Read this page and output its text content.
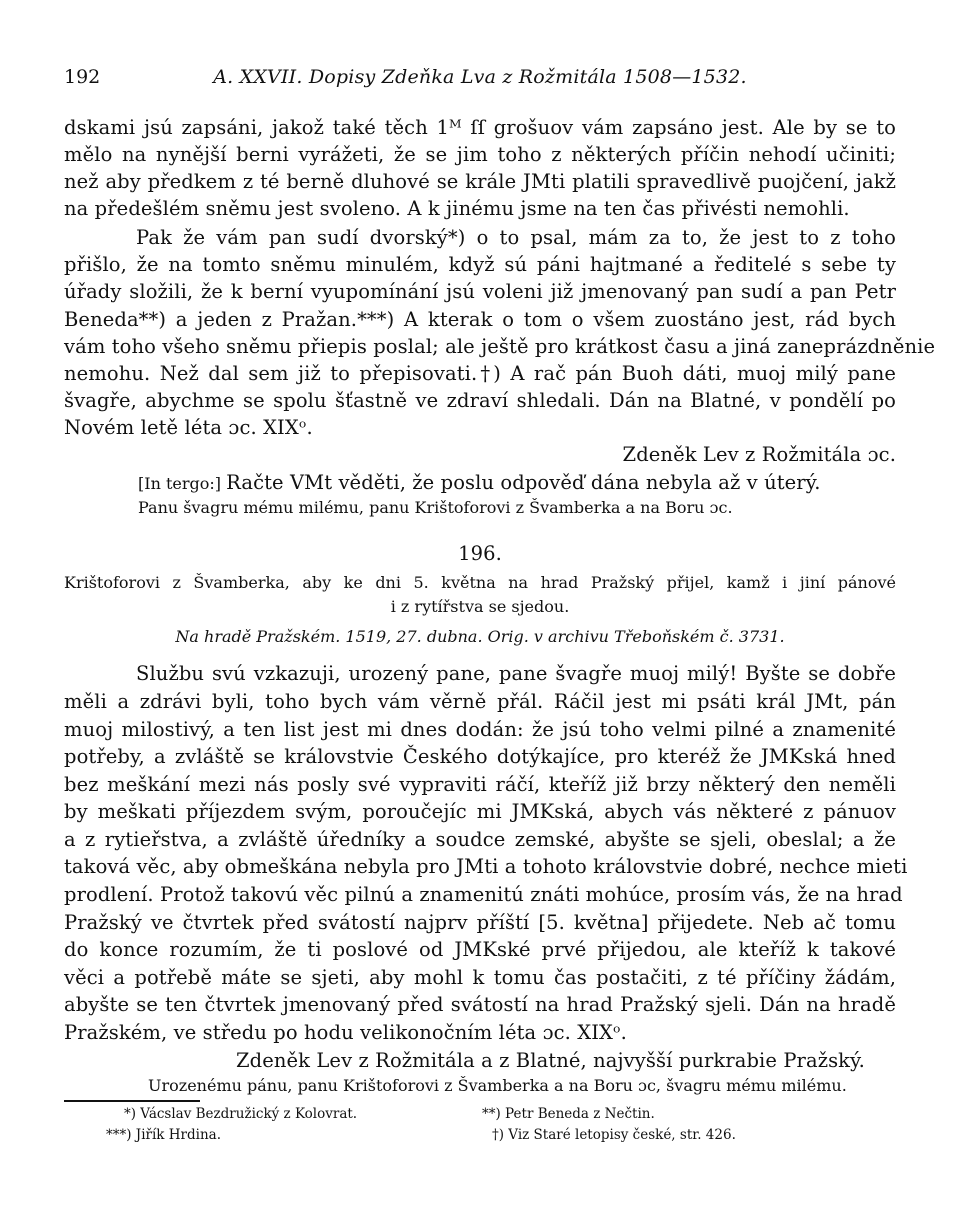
192	A. XXVII. Dopisy Zdeňka Lva z Rožmitála 1508—1532.
dskami jsú zapsáni, jakož také těch 1ᴹ ſſ grošuov vám zapsáno jest. Ale by se to
mělo na nynější berni vyrážeti, že se jim toho z některých příčin nehodí učiniti;
než aby předkem z té berně dluhové se krále JMti platili spravedlivě puojčení, jakž
na předešlém sněmu jest svoleno. A k jinému jsme na ten čas přivésti nemohli.
Pak že vám pan sudí dvorský*) o to psal, mám za to, že jest to z toho
přišlo, že na tomto sněmu minulém, když sú páni hajtmané a ředitelé s sebe ty
úřady složili, že k berní vyupomínání jsú voleni již jmenovaný pan sudí a pan Petr
Beneda**) a jeden z Pražan.***) A kterak o tom o všem zuostáno jest, rád bych
vám toho všeho sněmu přiepis poslal; ale ještě pro krátkost času a jiná zaneprázdněnie
nemohu. Než dal sem již to přepisovati.†) A rač pán Buoh dáti, muoj milý pane
švagře, abychme se spolu šťastně ve zdraví shledali. Dán na Blatné, v pondělí po
Novém letě léta ɔc. XIXᵒ.
Zdeněk Lev z Rožmitála ɔc.
[In tergo:] Račte VMt věděti, že poslu odpověď dána nebyla až v úterý.
Panu švagru mému milému, panu Krištoforovi z Švamberka a na Boru ɔc.
196.
Krištoforovi z Švamberka, aby ke dni 5. května na hrad Pražský přijel, kamž i jiní pánové
i z rytířstva se sjedou.
Na hradě Pražském. 1519, 27. dubna. Orig. v archivu Třeboňském č. 3731.
Službu svú vzkazuji, urozený pane, pane švagře muoj milý! Byšte se dobře
měli a zdrávi byli, toho bych vám věrně přál. Ráčil jest mi psáti král JMt, pán
muoj milostivý, a ten list jest mi dnes dodán: že jsú toho velmi pilné a znamenité
potřeby, a zvláště se královstvie Českého dotýkajíce, pro kteréž že JMKská hned
bez meškání mezi nás posly své vypraviti ráčí, kteříž již brzy některý den neměli
by meškati příjezdem svým, poroučejíc mi JMKská, abych vás některé z pánuov
a z rytieřstva, a zvláště úředníky a soudce zemské, abyšte se sjeli, obeslal; a že
taková věc, aby obmeškána nebyla pro JMti a tohoto královstvie dobré, nechce mieti
prodlení. Protož takovú věc pilnú a znamenitú znáti mohúce, prosím vás, že na hrad
Pražský ve čtvrtek před svátostí najprv příští [5. května] přijedete. Neb ač tomu
do konce rozumím, že ti poslové od JMKské prvé přijedou, ale kteříž k takové
věci a potřebě máte se sjeti, aby mohl k tomu čas postačiti, z té příčiny žádám,
abyšte se ten čtvrtek jmenovaný před svátostí na hrad Pražský sjeli. Dán na hradě
Pražském, ve středu po hodu velikonočním léta ɔc. XIXᵒ.
Zdeněk Lev z Rožmitála a z Blatné, najvyšší purkrabie Pražský.
Urozenému pánu, panu Krištoforovi z Švamberka a na Boru ɔc, švagru mému milému.
*) Vácslav Bezdružický z Kolovrat.	**) Petr Beneda z Nečtin.
***) Jiřík Hrdina.	†) Viz Staré letopisy české, str. 426.
